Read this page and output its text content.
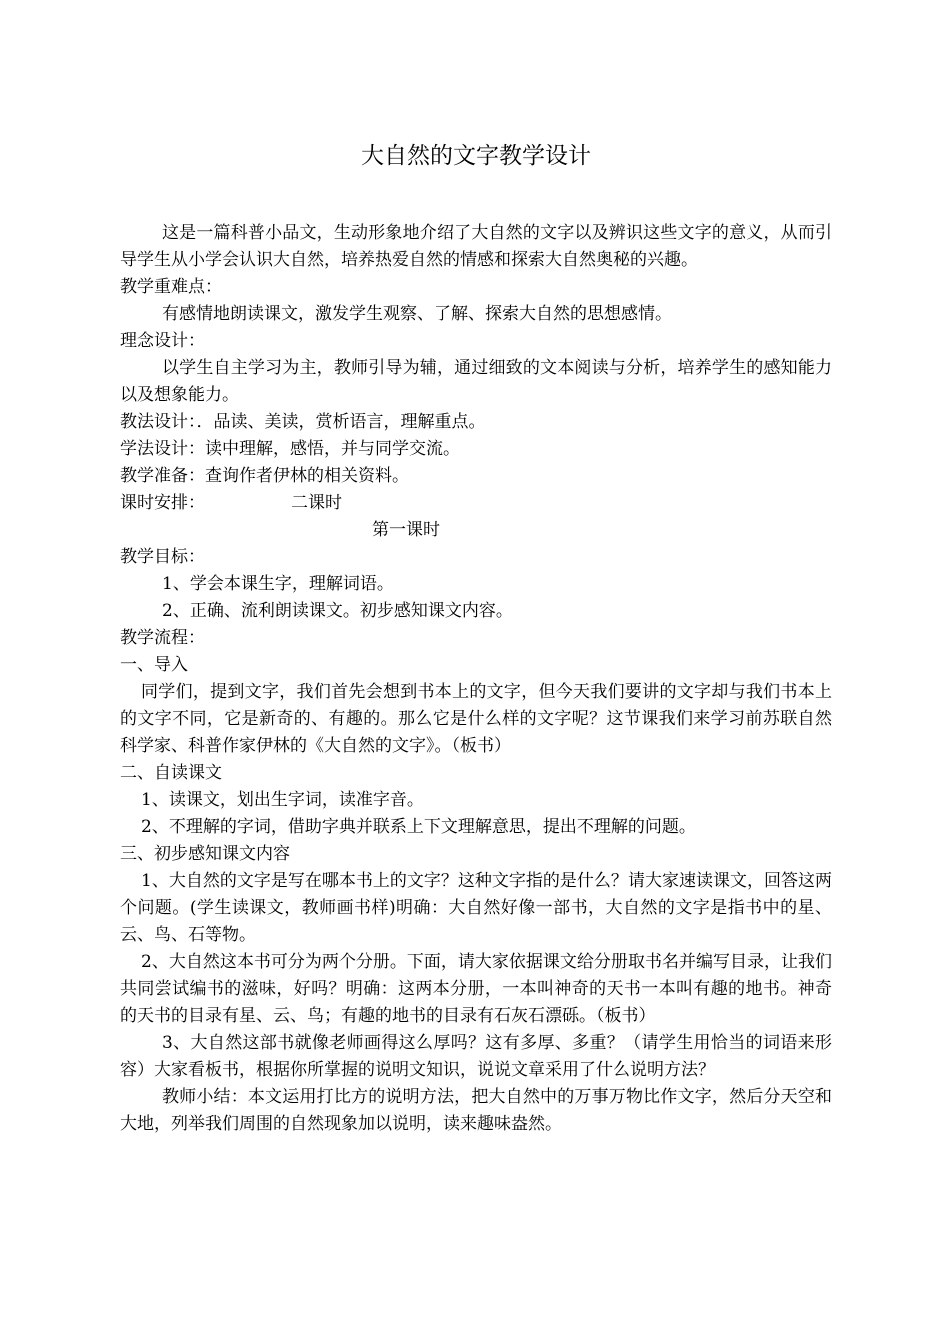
大自然的文字教学设计

这是一篇科普小品文，生动形象地介绍了大自然的文字以及辨识这些文字的意义，从而引导学生从小学会认识大自然，培养热爱自然的情感和探索大自然奥秘的兴趣。

教学重难点：

有感情地朗读课文，激发学生观察、了解、探索大自然的思想感情。

理念设计：

以学生自主学习为主，教师引导为辅，通过细致的文本阅读与分析，培养学生的感知能力以及想象能力。

教法设计：．品读、美读，赏析语言，理解重点。

学法设计：读中理解，感悟，并与同学交流。

教学准备：查询作者伊林的相关资料。

课时安排：	二课时

第一课时

教学目标：

1、学会本课生字，理解词语。

2、正确、流利朗读课文。初步感知课文内容。

教学流程：

一、导入

同学们，提到文字，我们首先会想到书本上的文字，但今天我们要讲的文字却与我们书本上的文字不同，它是新奇的、有趣的。那么它是什么样的文字呢？这节课我们来学习前苏联自然科学家、科普作家伊林的《大自然的文字》。（板书）

二、自读课文

1、读课文，划出生字词，读准字音。

2、不理解的字词，借助字典并联系上下文理解意思，提出不理解的问题。

三、初步感知课文内容

1、大自然的文字是写在哪本书上的文字？这种文字指的是什么？请大家速读课文，回答这两个问题。(学生读课文，教师画书样)明确：大自然好像一部书，大自然的文字是指书中的星、云、鸟、石等物。

2、大自然这本书可分为两个分册。下面，请大家依据课文给分册取书名并编写目录，让我们共同尝试编书的滋味，好吗？明确：这两本分册，一本叫神奇的天书一本叫有趣的地书。神奇的天书的目录有星、云、鸟；有趣的地书的目录有石灰石漂砾。（板书）

3、大自然这部书就像老师画得这么厚吗？这有多厚、多重？（请学生用恰当的词语来形容）大家看板书，根据你所掌握的说明文知识，说说文章采用了什么说明方法？

教师小结：本文运用打比方的说明方法，把大自然中的万事万物比作文字，然后分天空和大地，列举我们周围的自然现象加以说明，读来趣味盎然。
